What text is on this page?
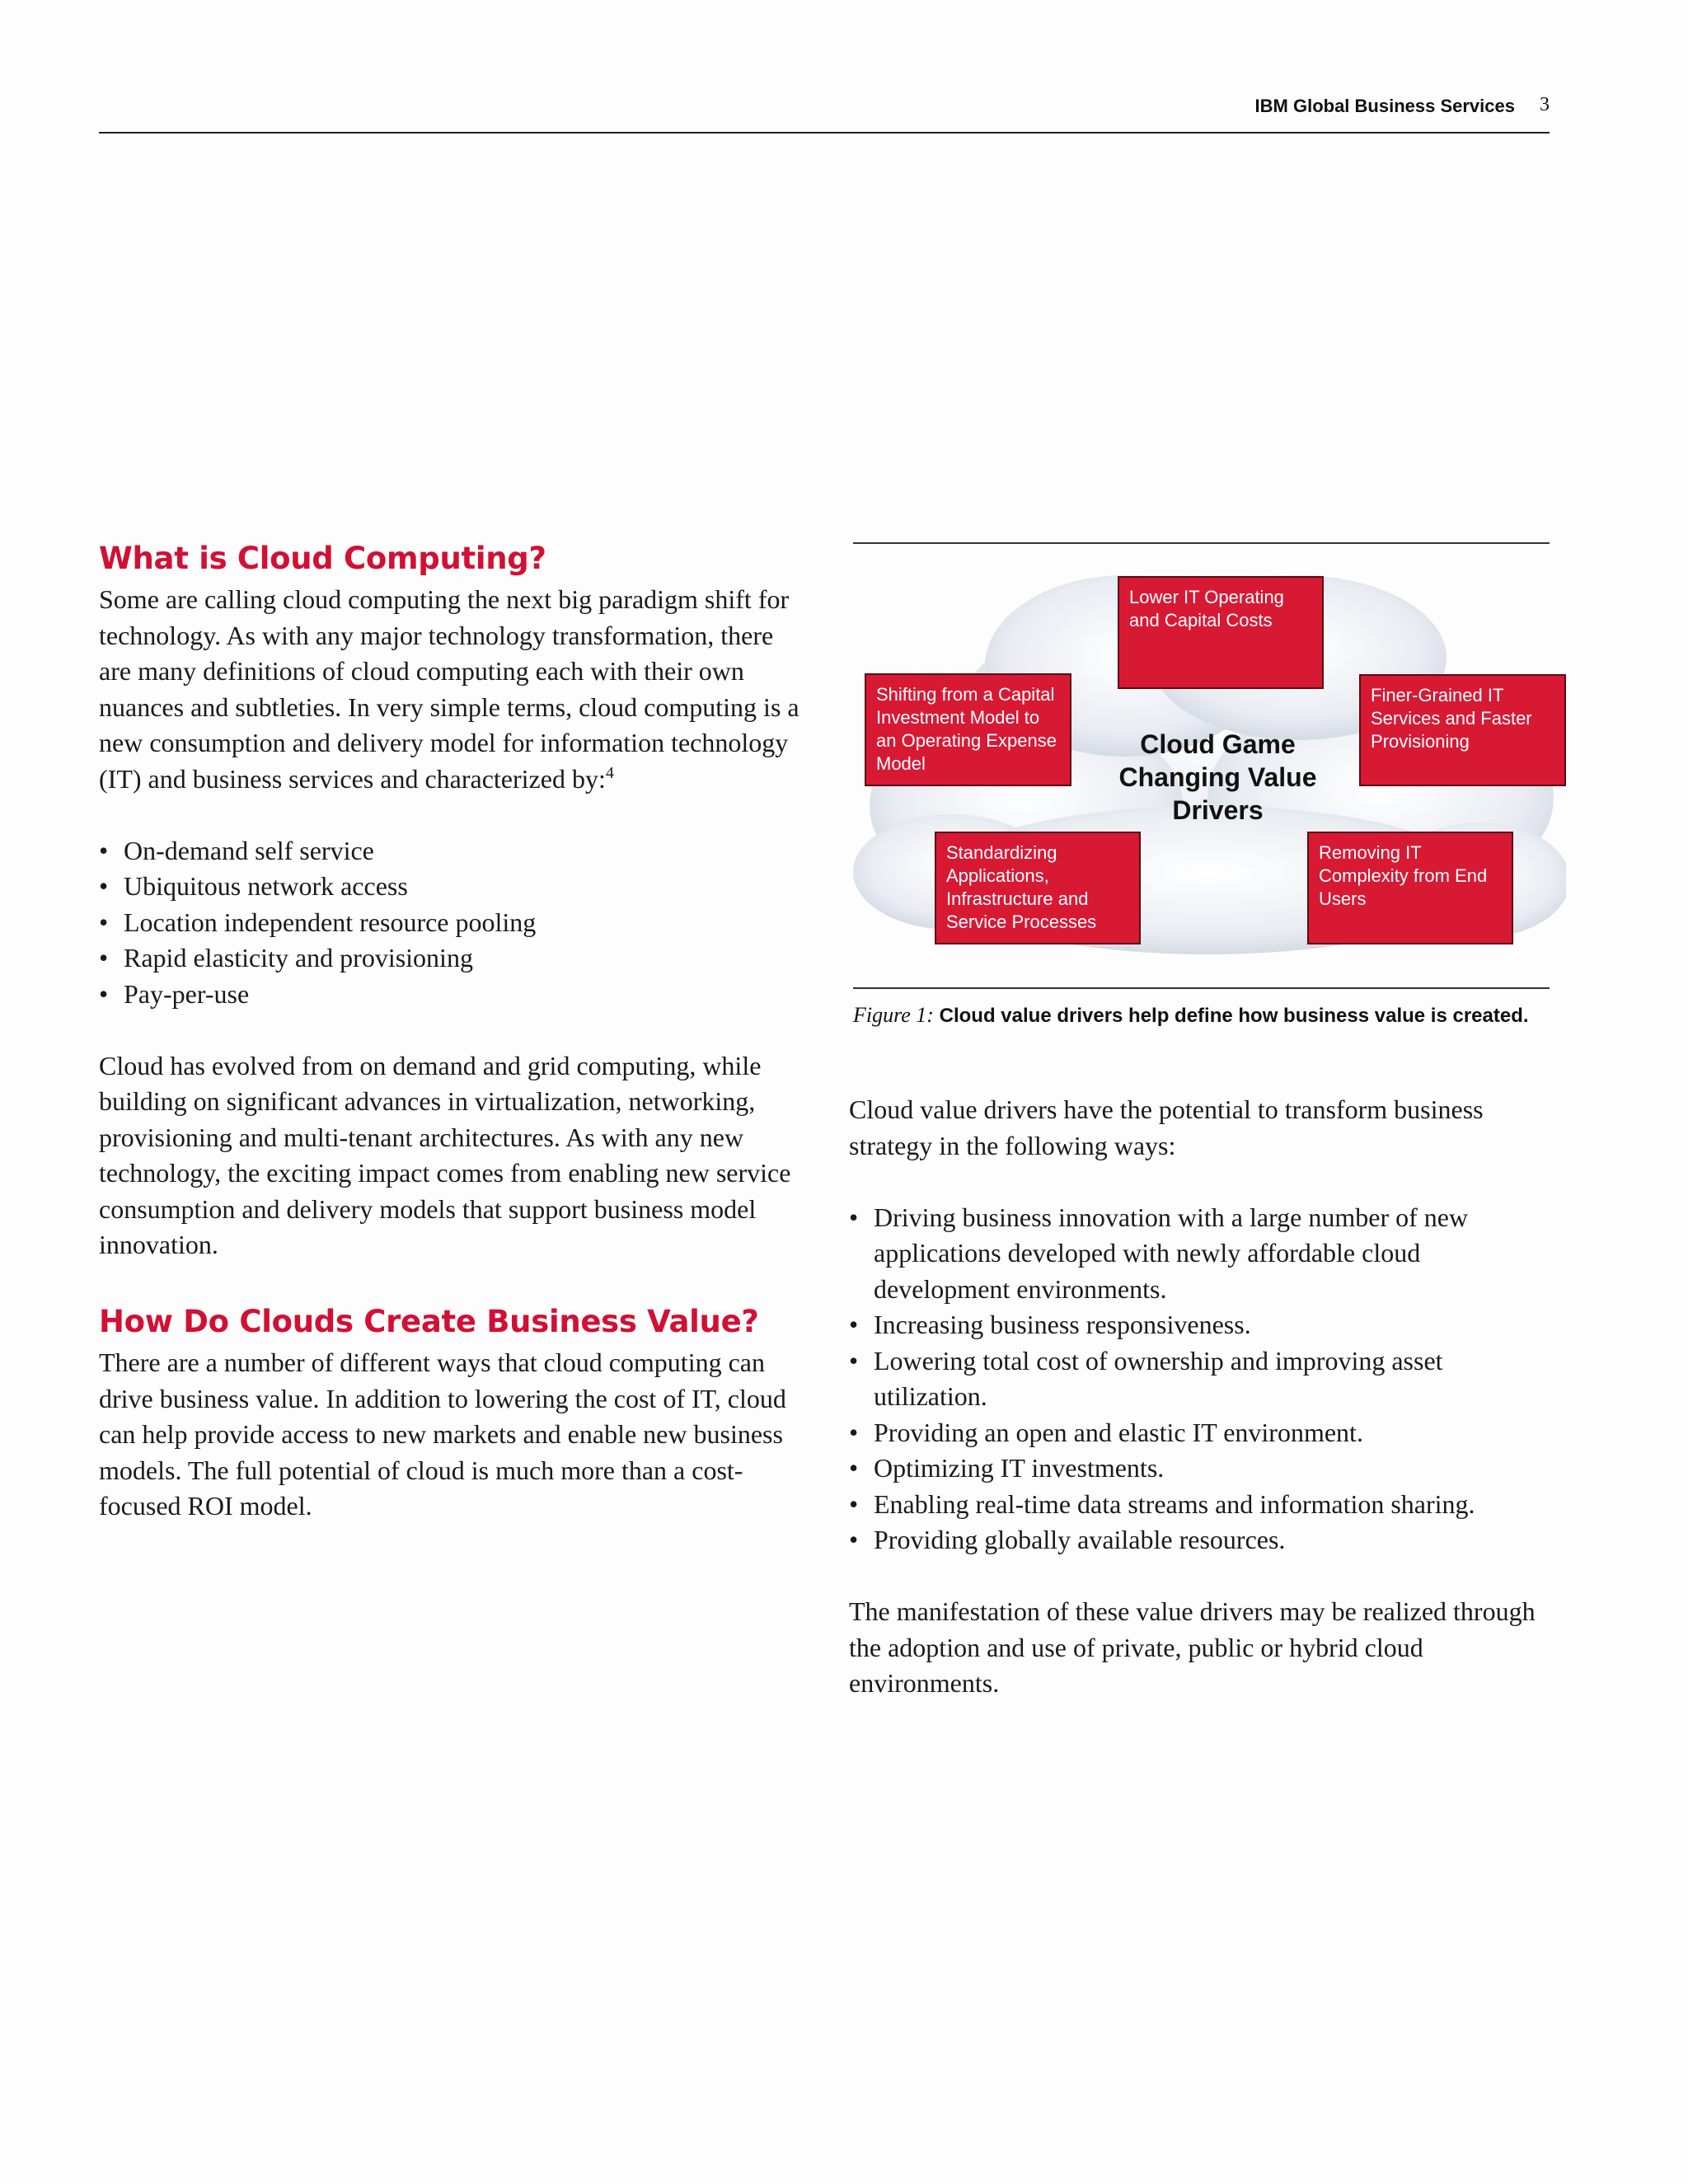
IBM Global Business Services 3
What is Cloud Computing?

Some are calling cloud computing the next big paradigm shift for technology. As with any major technology transformation, there are many definitions of cloud computing each with their own nuances and subtleties. In very simple terms, cloud computing is a new consumption and delivery model for information technology (IT) and business services and characterized by:$^4$

• On-demand self service
• Ubiquitous network access
• Location independent resource pooling
• Rapid elasticity and provisioning
• Pay-per-use

Cloud has evolved from on demand and grid computing, while building on significant advances in virtualization, networking, provisioning and multi-tenant architectures. As with any new technology, the exciting impact comes from enabling new service consumption and delivery models that support business model innovation.

How Do Clouds Create Business Value?

There are a number of different ways that cloud computing can drive business value. In addition to lowering the cost of IT, cloud can help provide access to new markets and enable new business models. The full potential of cloud is much more than a cost-focused ROI model.

Cloud Game Changing Value Drivers
Lower IT Operating and Capital Costs
Shifting from a Capital Investment Model to an Operating Expense Model
Finer-Grained IT Services and Faster Provisioning
Standardizing Applications, Infrastructure and Service Processes
Removing IT Complexity from End Users
Figure 1: Cloud value drivers help define how business value is created.

Cloud value drivers have the potential to transform business strategy in the following ways:

• Driving business innovation with a large number of new applications developed with newly affordable cloud development environments.
• Increasing business responsiveness.
• Lowering total cost of ownership and improving asset utilization.
• Providing an open and elastic IT environment.
• Optimizing IT investments.
• Enabling real-time data streams and information sharing.
• Providing globally available resources.

The manifestation of these value drivers may be realized through the adoption and use of private, public or hybrid cloud environments.
